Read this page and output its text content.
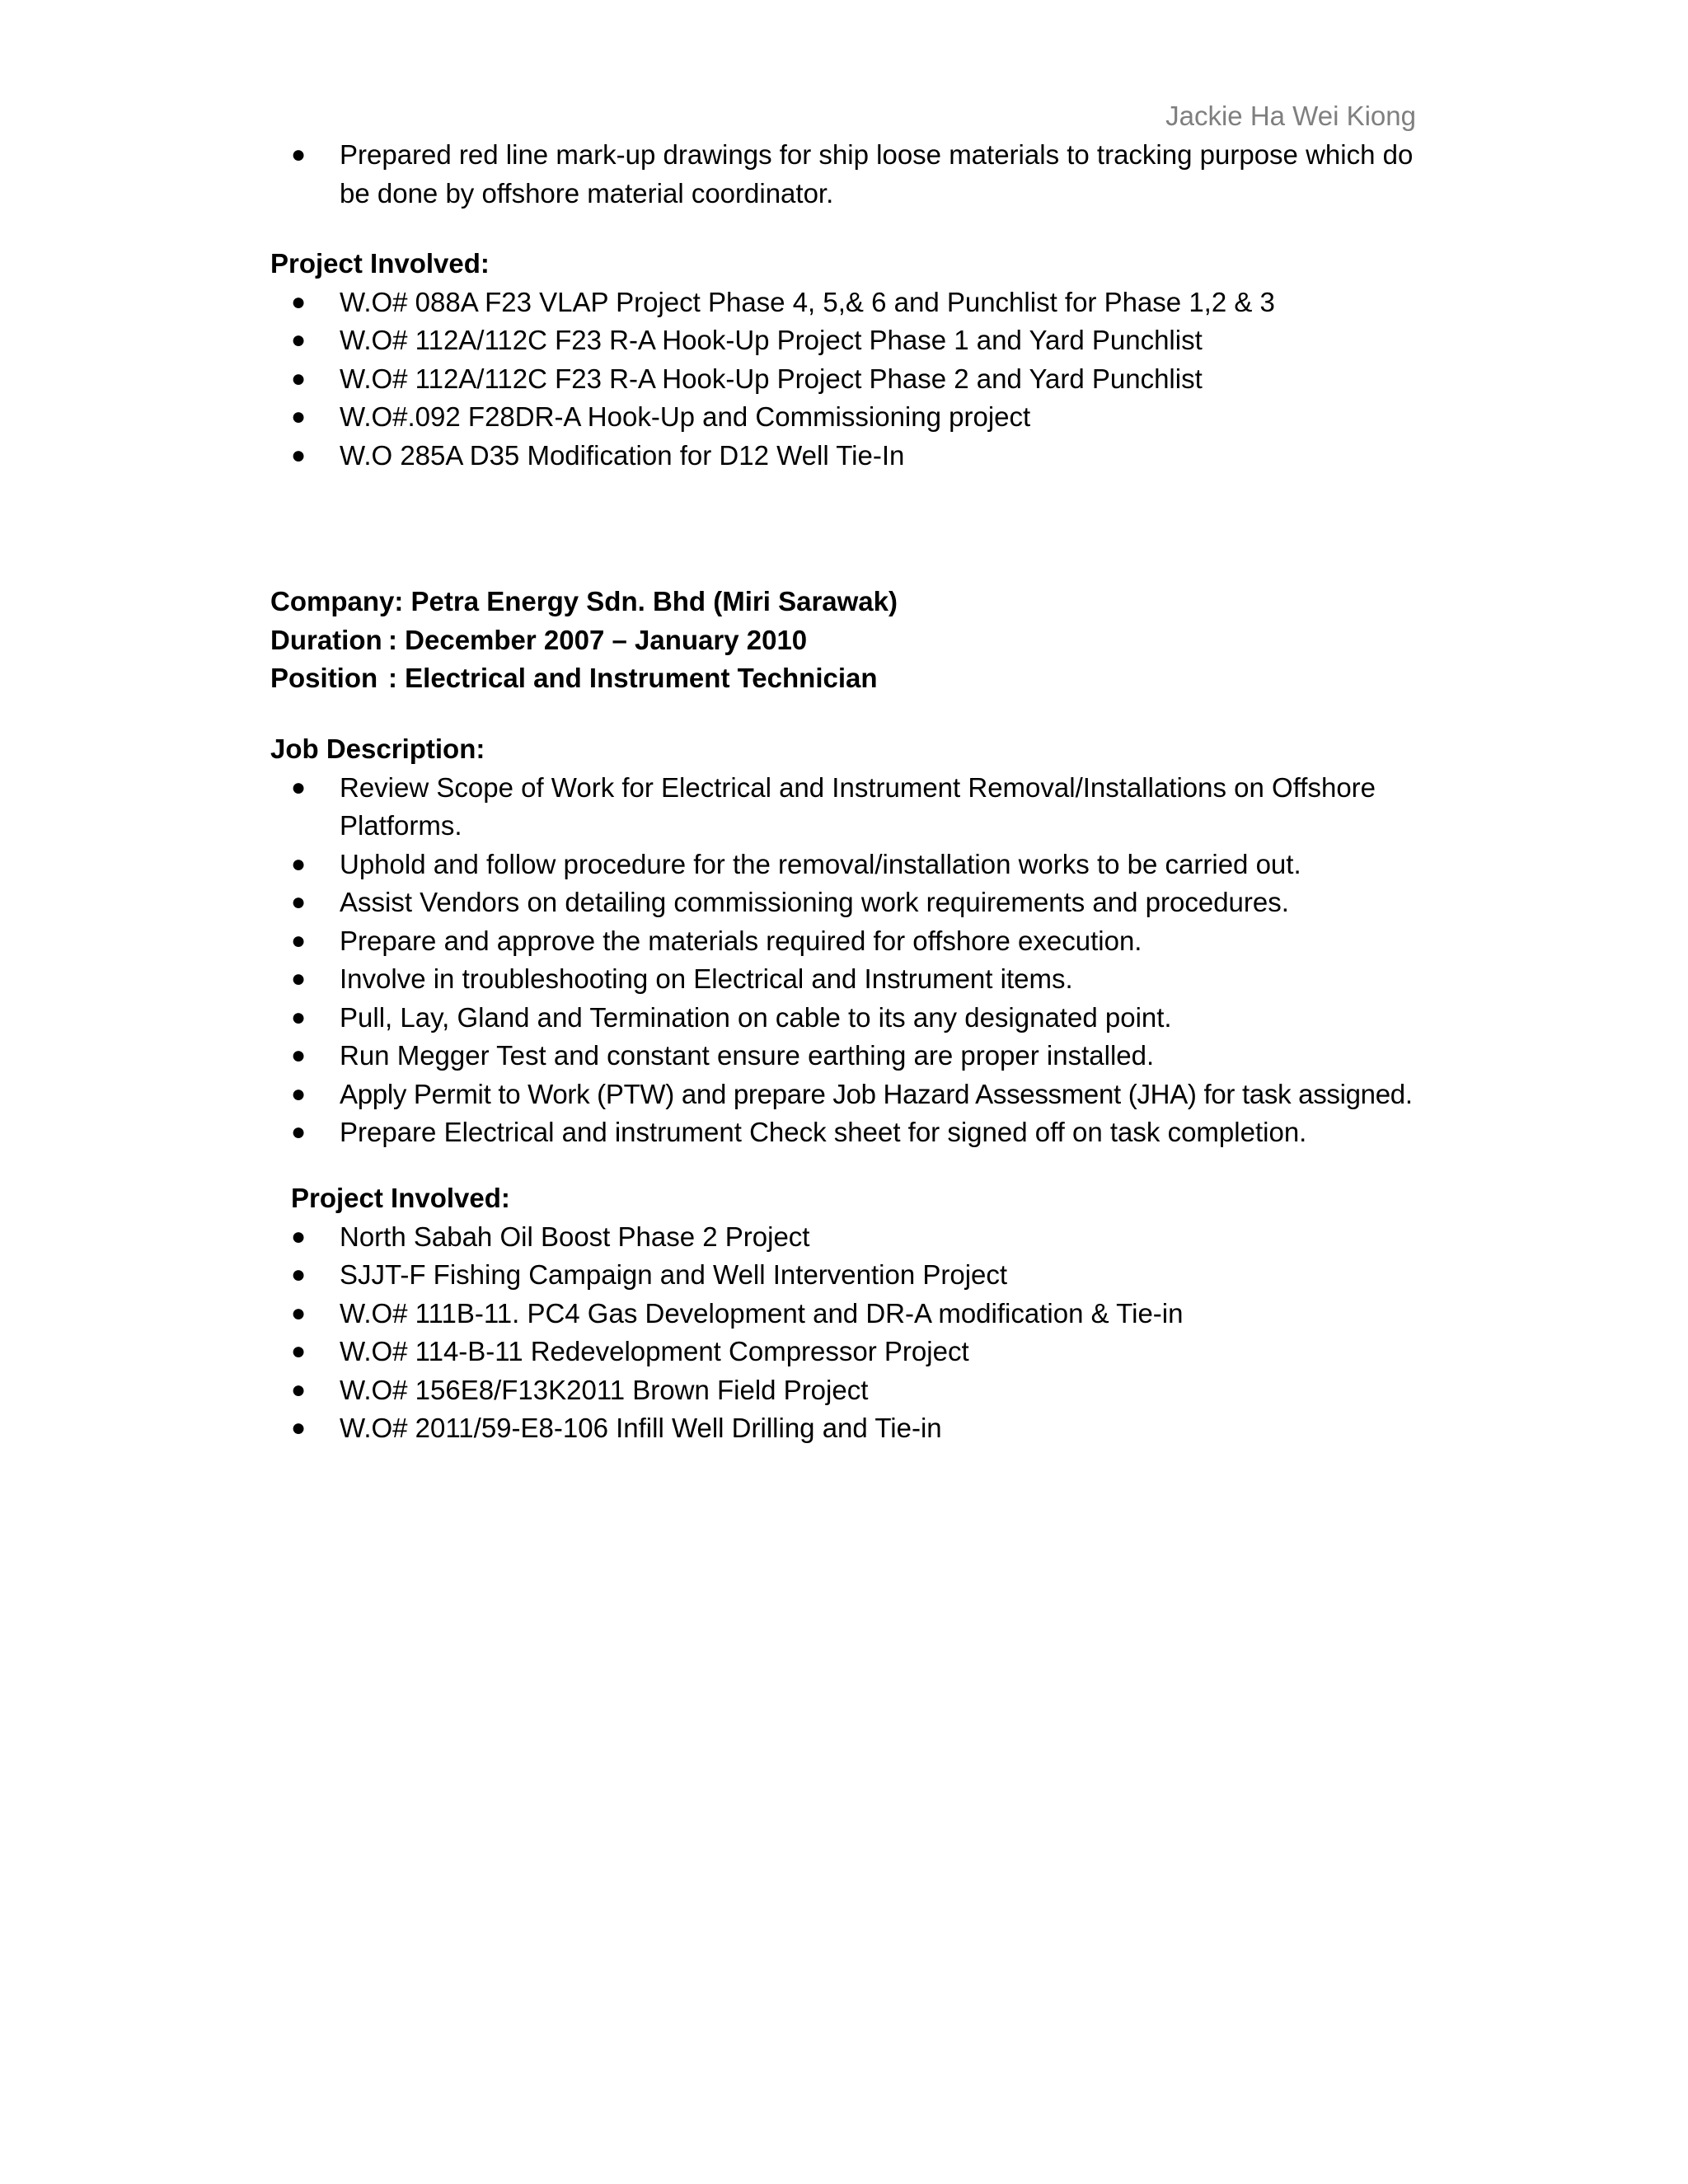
Jackie Ha Wei Kiong
● Prepared red line mark-up drawings for ship loose materials to tracking purpose which do be done by offshore material coordinator.

Project Involved:

● W.O# 088A F23 VLAP Project Phase 4, 5,& 6 and Punchlist for Phase 1,2 & 3
● W.O# 112A/112C F23 R-A Hook-Up Project Phase 1 and Yard Punchlist
● W.O# 112A/112C F23 R-A Hook-Up Project Phase 2 and Yard Punchlist
● W.O#.092 F28DR-A Hook-Up and Commissioning project
● W.O 285A D35 Modification for D12 Well Tie-In
Company:
Petra Energy Sdn. Bhd (Miri Sarawak)
Duration : December 2007 – January 2010
Position : Electrical and Instrument Technician

Job Description:

● Review Scope of Work for Electrical and Instrument Removal/Installations on Offshore Platforms.
● Uphold and follow procedure for the removal/installation works to be carried out.
● Assist Vendors on detailing commissioning work requirements and procedures.
● Prepare and approve the materials required for offshore execution.
● Involve in troubleshooting on Electrical and Instrument items.
● Pull, Lay, Gland and Termination on cable to its any designated point.
● Run Megger Test and constant ensure earthing are proper installed.
● Apply Permit to Work (PTW) and prepare Job Hazard Assessment (JHA) for task assigned.
● Prepare Electrical and instrument Check sheet for signed off on task completion.

Project Involved:

● North Sabah Oil Boost Phase 2 Project
● SJJT-F Fishing Campaign and Well Intervention Project
● W.O# 111B-11. PC4 Gas Development and DR-A modification & Tie-in
● W.O# 114-B-11 Redevelopment Compressor Project
● W.O# 156E8/F13K2011 Brown Field Project
● W.O# 2011/59-E8-106 Infill Well Drilling and Tie-in
